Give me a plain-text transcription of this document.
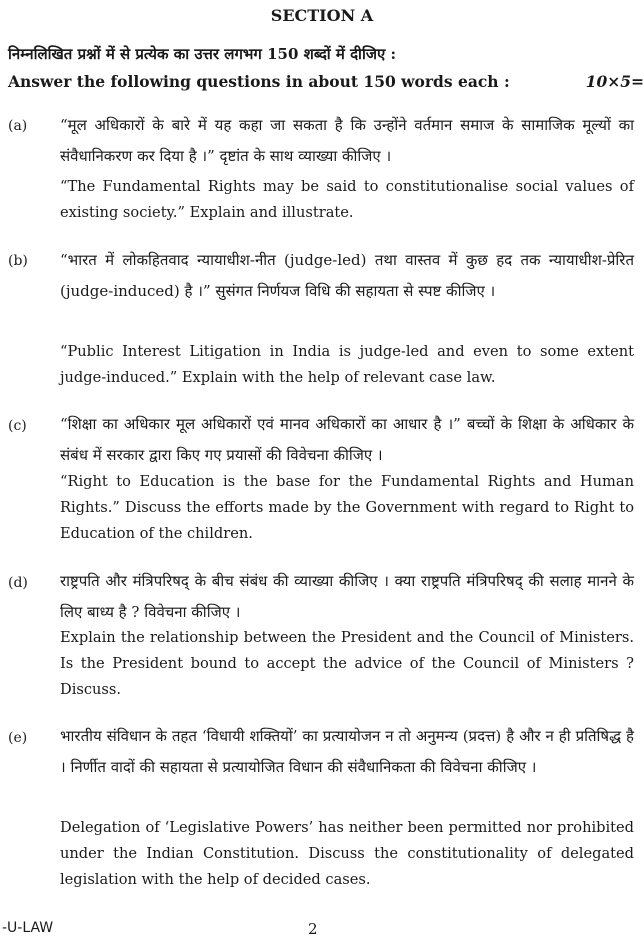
SECTION A
निम्नलिखित प्रश्नों में से प्रत्येक का उत्तर लगभग 150 शब्दों में दीजिए :
Answer the following questions in about 150 words each :	10×5=
(a) “मूल अधिकारों के बारे में यह कहा जा सकता है कि उन्होंने वर्तमान समाज के सामाजिक मूल्यों का संवैधानिकरण कर दिया है ।” दृष्टांत के साथ व्याख्या कीजिए ।
“The Fundamental Rights may be said to constitutionalise social values of existing society.” Explain and illustrate.
(b) “भारत में लोकहितवाद न्यायाधीश-नीत (judge-led) तथा वास्तव में कुछ हद तक न्यायाधीश-प्रेरित (judge-induced) है ।” सुसंगत निर्णयज विधि की सहायता से स्पष्ट कीजिए ।
“Public Interest Litigation in India is judge-led and even to some extent judge-induced.” Explain with the help of relevant case law.
(c) “शिक्षा का अधिकार मूल अधिकारों एवं मानव अधिकारों का आधार है ।” बच्चों के शिक्षा के अधिकार के संबंध में सरकार द्वारा किए गए प्रयासों की विवेचना कीजिए ।
“Right to Education is the base for the Fundamental Rights and Human Rights.” Discuss the efforts made by the Government with regard to Right to Education of the children.
(d) राष्ट्रपति और मंत्रिपरिषद् के बीच संबंध की व्याख्या कीजिए । क्या राष्ट्रपति मंत्रिपरिषद् की सलाह मानने के लिए बाध्य है ? विवेचना कीजिए ।
Explain the relationship between the President and the Council of Ministers. Is the President bound to accept the advice of the Council of Ministers ? Discuss.
(e) भारतीय संविधान के तहत ‘विधायी शक्तियों’ का प्रत्यायोजन न तो अनुमन्य (प्रदत्त) है और न ही प्रतिषिद्ध है । निर्णीत वादों की सहायता से प्रत्यायोजित विधान की संवैधानिकता की विवेचना कीजिए ।
Delegation of ‘Legislative Powers’ has neither been permitted nor prohibited under the Indian Constitution. Discuss the constitutionality of delegated legislation with the help of decided cases.
-U-LAW	2
